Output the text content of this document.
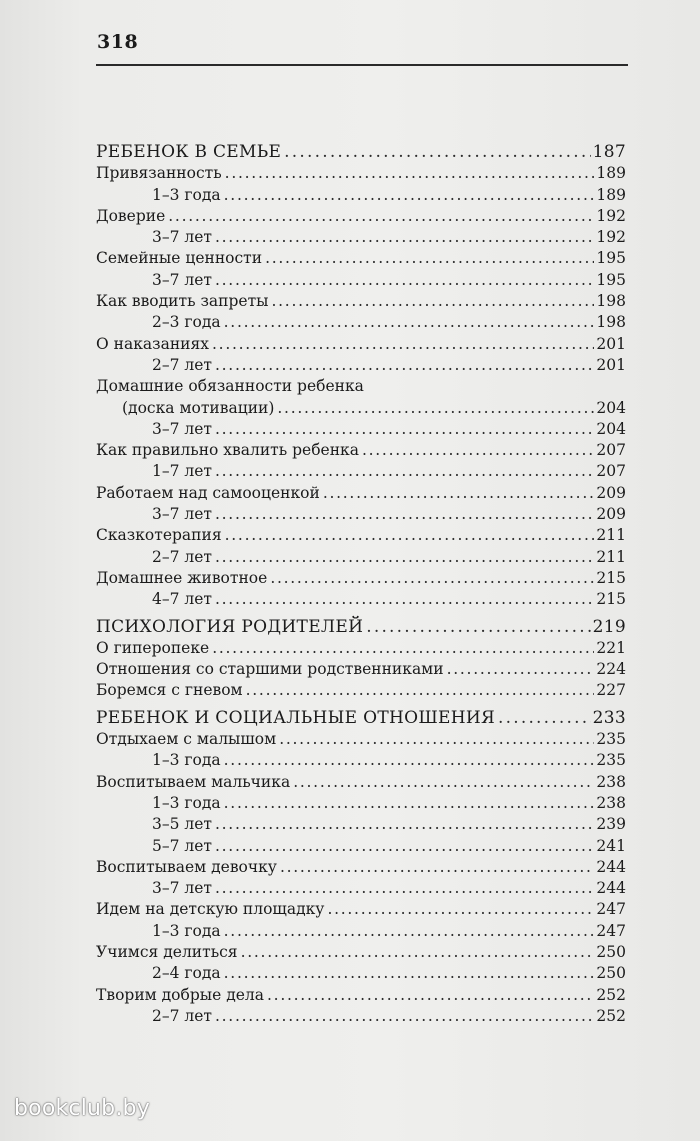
318
РЕБЕНОК В СЕМЬЕ . . .	187
Привязанность . . .	189
1–3 года . . .	189
Доверие . . .	192
3–7 лет . . .	192
Семейные ценности . . .	195
3–7 лет . . .	195
Как вводить запреты . . .	198
2–3 года . . .	198
О наказаниях . . .	201
2–7 лет . . .	201
Домашние обязанности ребенка
(доска мотивации) . . .	204
3–7 лет . . .	204
Как правильно хвалить ребенка . . .	207
1–7 лет . . .	207
Работаем над самооценкой . . .	209
3–7 лет . . .	209
Сказкотерапия . . .	211
2–7 лет . . .	211
Домашнее животное . . .	215
4–7 лет . . .	215
ПСИХОЛОГИЯ РОДИТЕЛЕЙ . . .	219
О гиперопеке . . .	221
Отношения со старшими родственниками . . .	224
Боремся с гневом . . .	227
РЕБЕНОК И СОЦИАЛЬНЫЕ ОТНОШЕНИЯ . . .	233
Отдыхаем с малышом . . .	235
1–3 года . . .	235
Воспитываем мальчика . . .	238
1–3 года . . .	238
3–5 лет . . .	239
5–7 лет . . .	241
Воспитываем девочку . . .	244
3–7 лет . . .	244
Идем на детскую площадку . . .	247
1–3 года . . .	247
Учимся делиться . . .	250
2–4 года . . .	250
Творим добрые дела . . .	252
2–7 лет . . .	252
bookclub.by
